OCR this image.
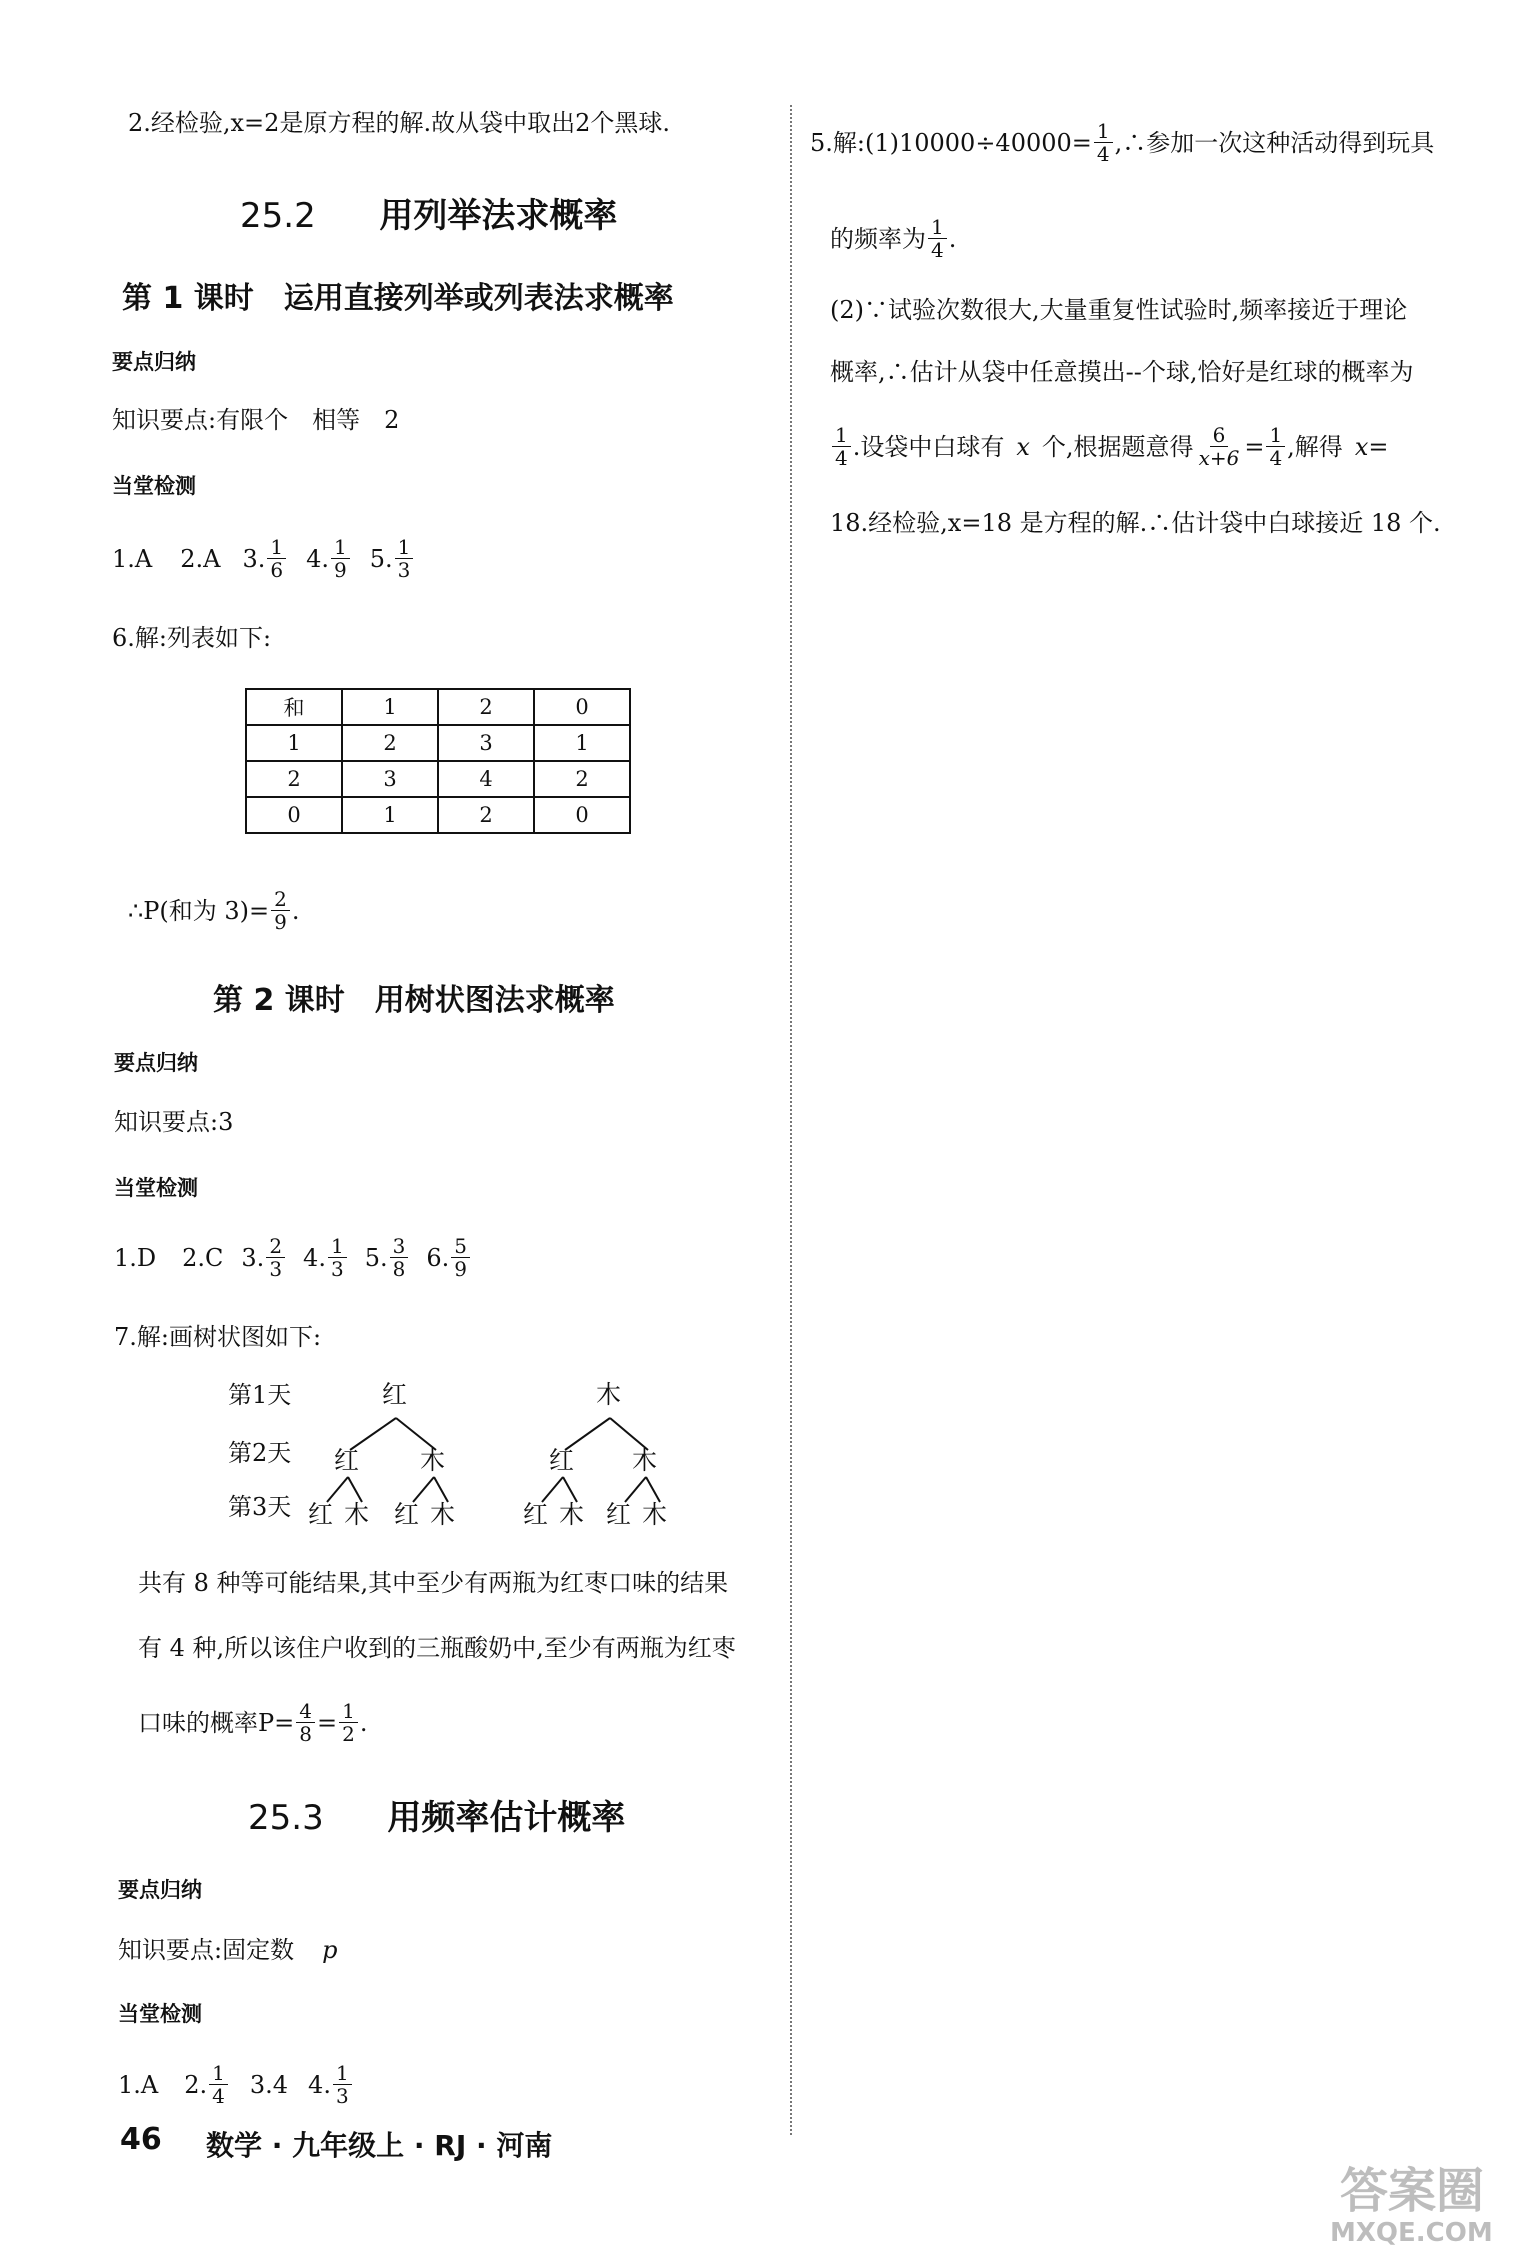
2.经检验,x=2是原方程的解.故从袋中取出2个黑球.
25.2 用列举法求概率
第 1 课时　运用直接列举或列表法求概率
要点归纳
知识要点:有限个　相等　2
当堂检测
1.A 2.A 3. $\frac{1}{6} 4$. $\frac{1}{9} 5$. $\frac{1}{3}$
6.解:列表如下:
和	1	2	0
1	2	3	1
2	3	4	2
0	1	2	0
∴P(和为 $3)= \frac{2}{9}$ .
第 2 课时　用树状图法求概率
要点归纳
知识要点:3
当堂检测
1.D 2.C 3. $\frac{2}{3} 4$. $\frac{1}{3} 5$. $\frac{3}{8} 6$. $\frac{5}{9}$
7.解:画树状图如下:
第1天
第2天
第3天
红	木
红 木	红 木
红 木 红 木	红 木 红 木
共有 8 种等可能结果,其中至少有两瓶为红枣口味的结果
有 4 种,所以该住户收到的三瓶酸奶中,至少有两瓶为红枣
口味的概率$P= \frac{4}{8} = \frac{1}{2}$ .
25.3 用频率估计概率
要点归纳
知识要点:固定数 p
当堂检测
1.A 2. $\frac{1}{4} 3.4$ 4. $\frac{1}{3}$
5.解:(1)10000÷40000= $\frac{1}{4}$ ,∴参加一次这种活动得到玩具
的频率为 $\frac{1}{4}$ .
(2)∵试验次数很大,大量重复性试验时,频率接近于理论
概率,∴估计从袋中任意摸出--个球,恰好是红球的概率为
$\frac{1}{4}$ .设袋中白球有 x 个,根据题意得 $\frac{6}{x+6} = \frac{1}{4}$ ,解得 x =
18.经检验,x=18 是方程的解.∴估计袋中白球接近 18 个.
46 数学 · 九年级上 · RJ · 河南
答案圈
MXQE.COM
